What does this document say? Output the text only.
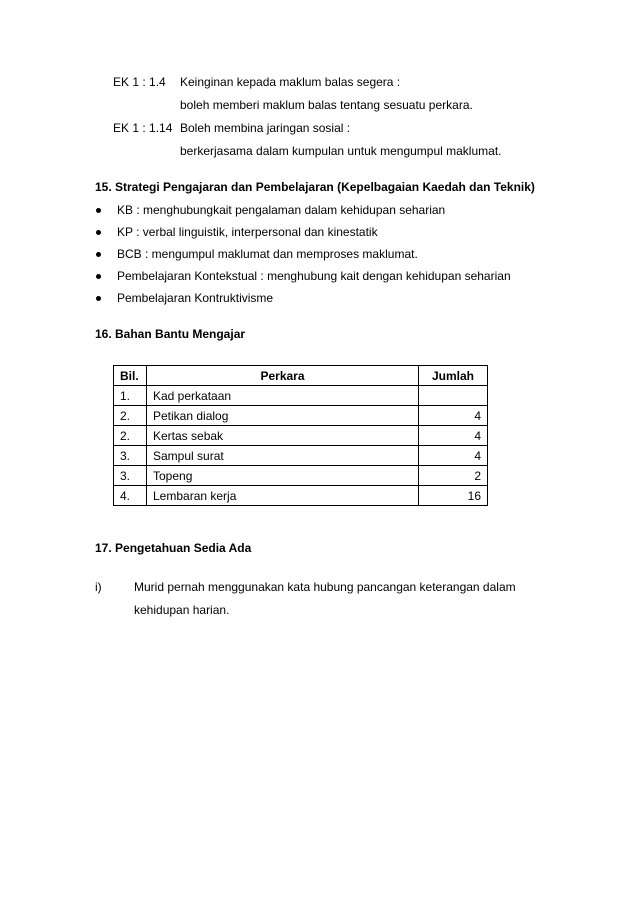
EK 1 : 1.4 Keinginan kepada maklum balas segera :
boleh memberi maklum balas tentang sesuatu perkara.
EK 1 : 1.14 Boleh membina jaringan sosial :
berkerjasama dalam kumpulan untuk mengumpul maklumat.
15. Strategi Pengajaran dan Pembelajaran (Kepelbagaian Kaedah dan Teknik)
KB : menghubungkait pengalaman dalam kehidupan seharian
KP : verbal linguistik, interpersonal dan kinestatik
BCB : mengumpul maklumat dan memproses maklumat.
Pembelajaran Kontekstual : menghubung kait dengan kehidupan seharian
Pembelajaran Kontruktivisme
16. Bahan Bantu Mengajar
Bil.	Perkara	Jumlah
1.	Kad perkataan	
2.	Petikan dialog	4
2.	Kertas sebak	4
3.	Sampul surat	4
3.	Topeng	2
4.	Lembaran kerja	16
17. Pengetahuan Sedia Ada
i)	Murid pernah menggunakan kata hubung pancangan keterangan dalam
kehidupan harian.
